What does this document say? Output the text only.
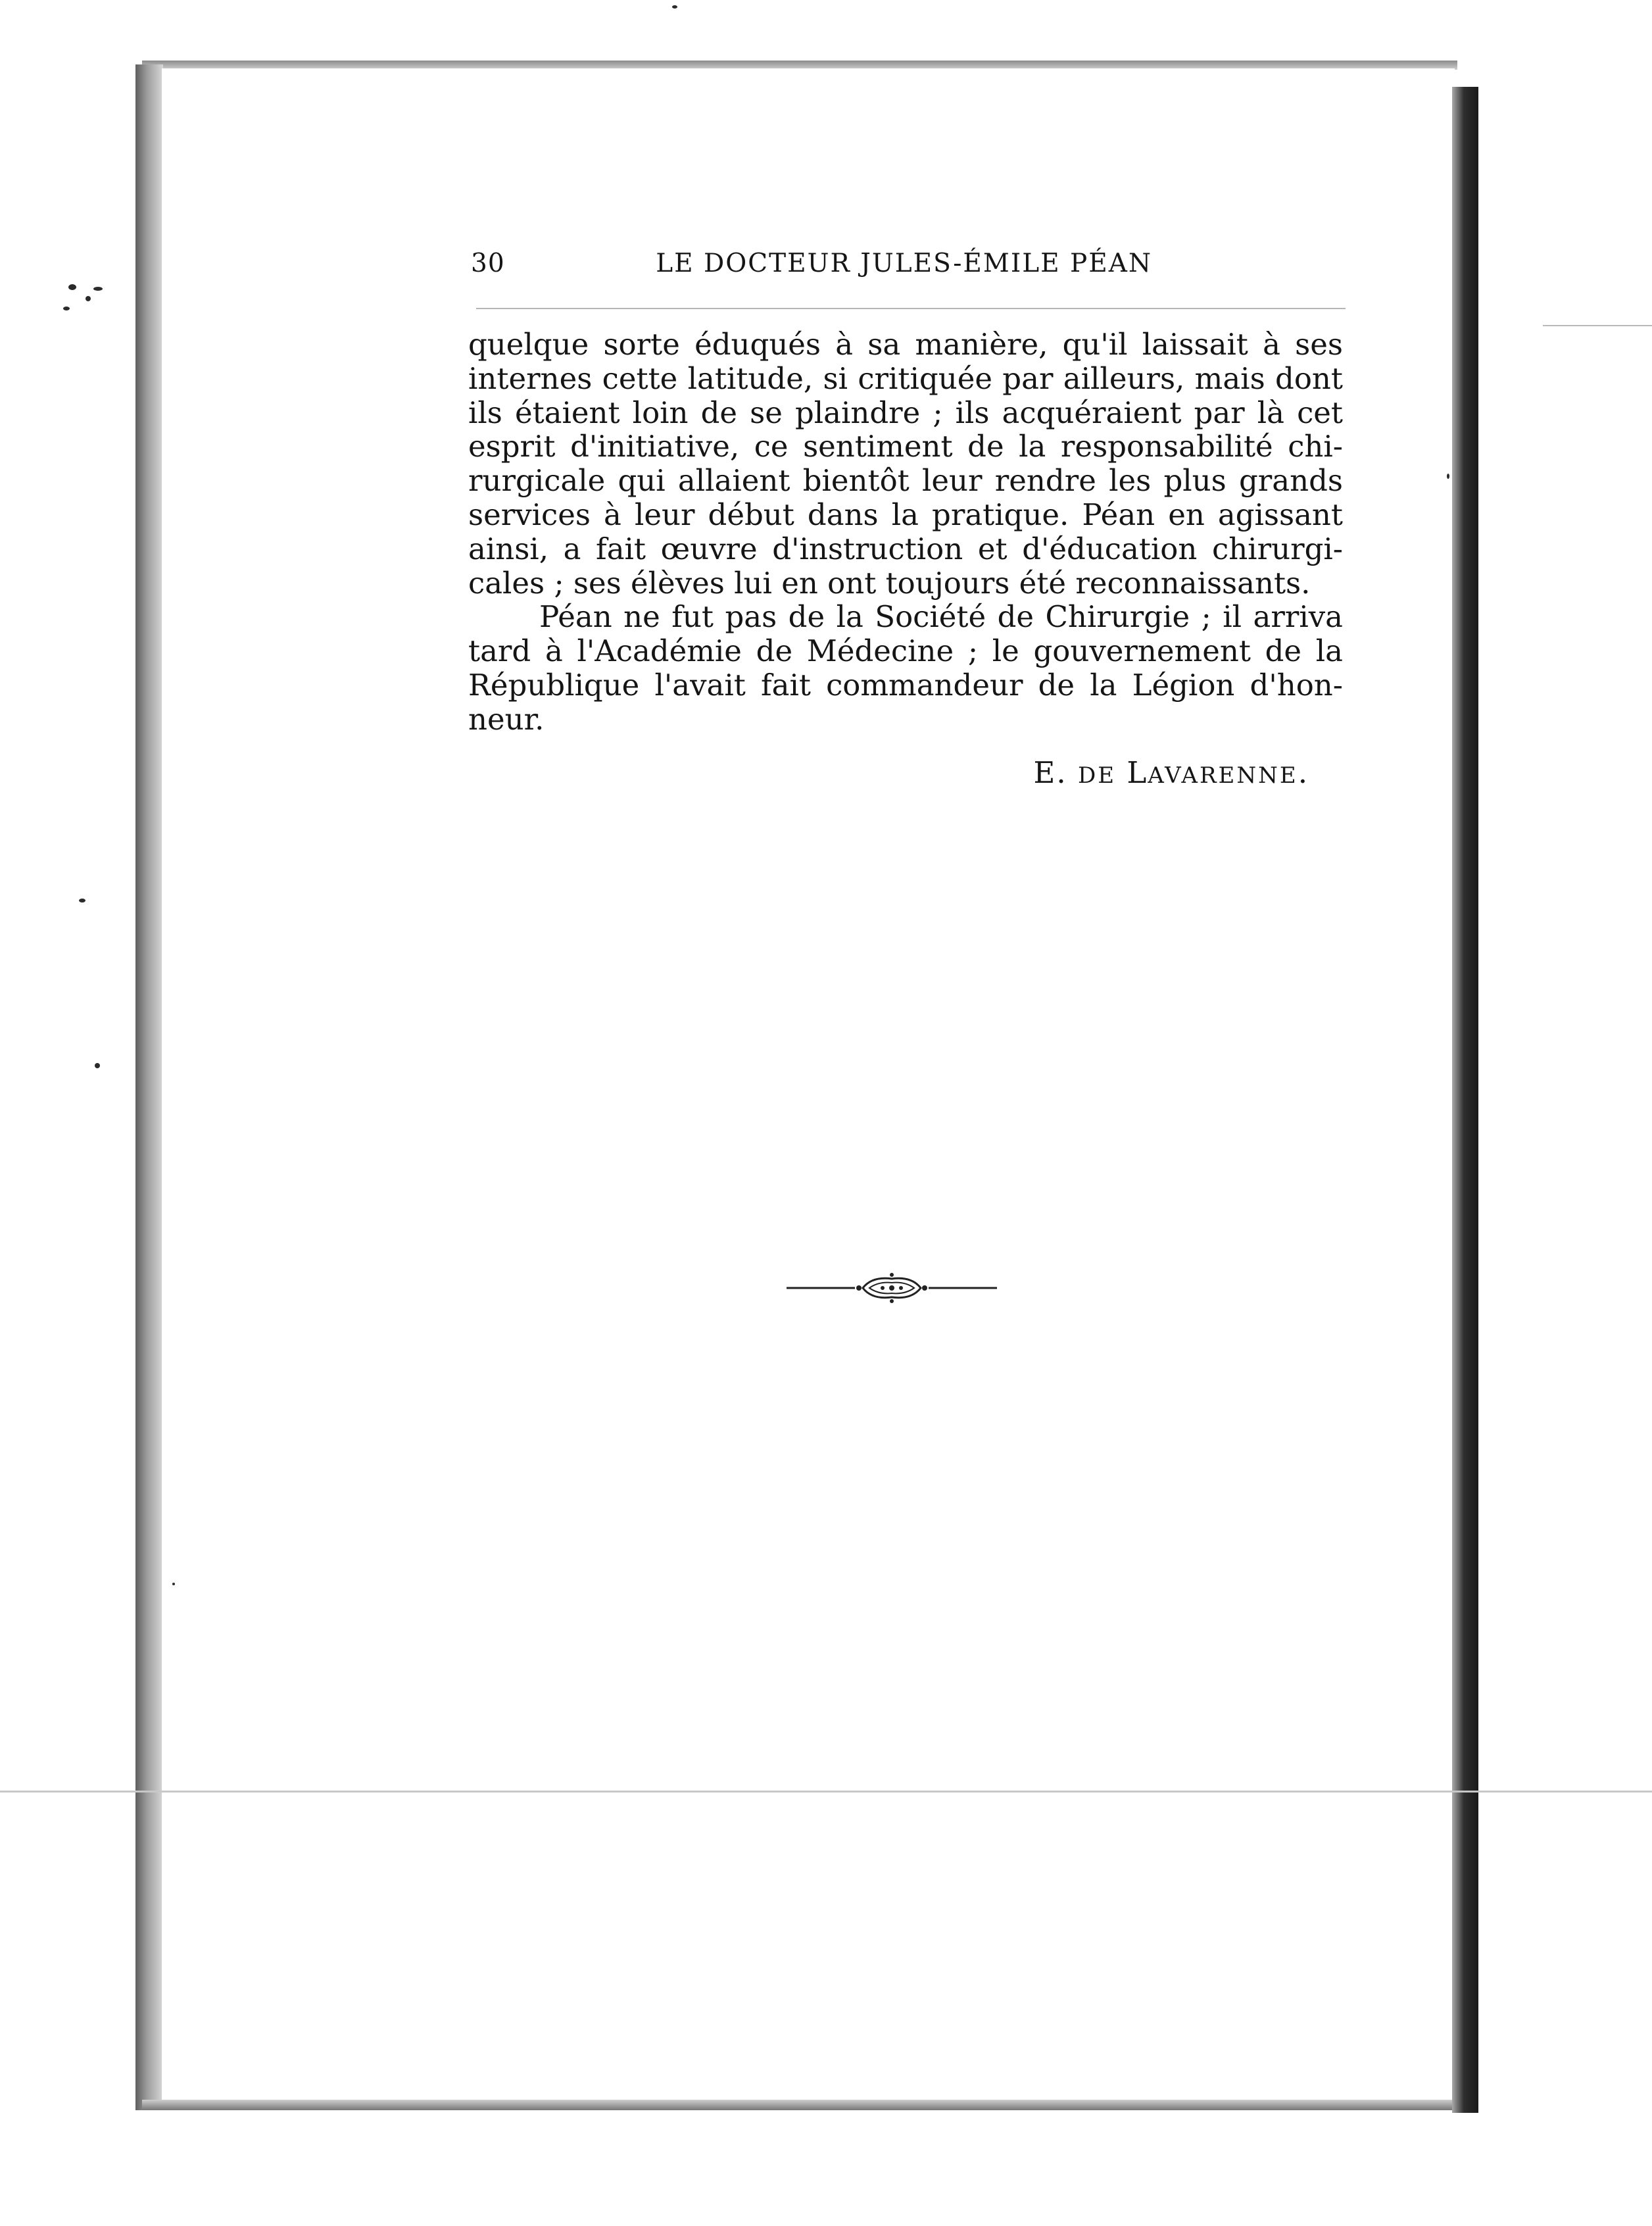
30	LE DOCTEUR JULES-ÉMILE PÉAN
quelque sorte éduqués à sa manière, qu'il laissait à ses
internes cette latitude, si critiquée par ailleurs, mais dont
ils étaient loin de se plaindre ; ils acquéraient par là cet
esprit d'initiative, ce sentiment de la responsabilité chi-
rurgicale qui allaient bientôt leur rendre les plus grands
services à leur début dans la pratique. Péan en agissant
ainsi, a fait œuvre d'instruction et d'éducation chirurgi-
cales ; ses élèves lui en ont toujours été reconnaissants.
Péan ne fut pas de la Société de Chirurgie ; il arriva
tard à l'Académie de Médecine ; le gouvernement de la
République l'avait fait commandeur de la Légion d'hon-
neur.
E. DE LAVARENNE.
